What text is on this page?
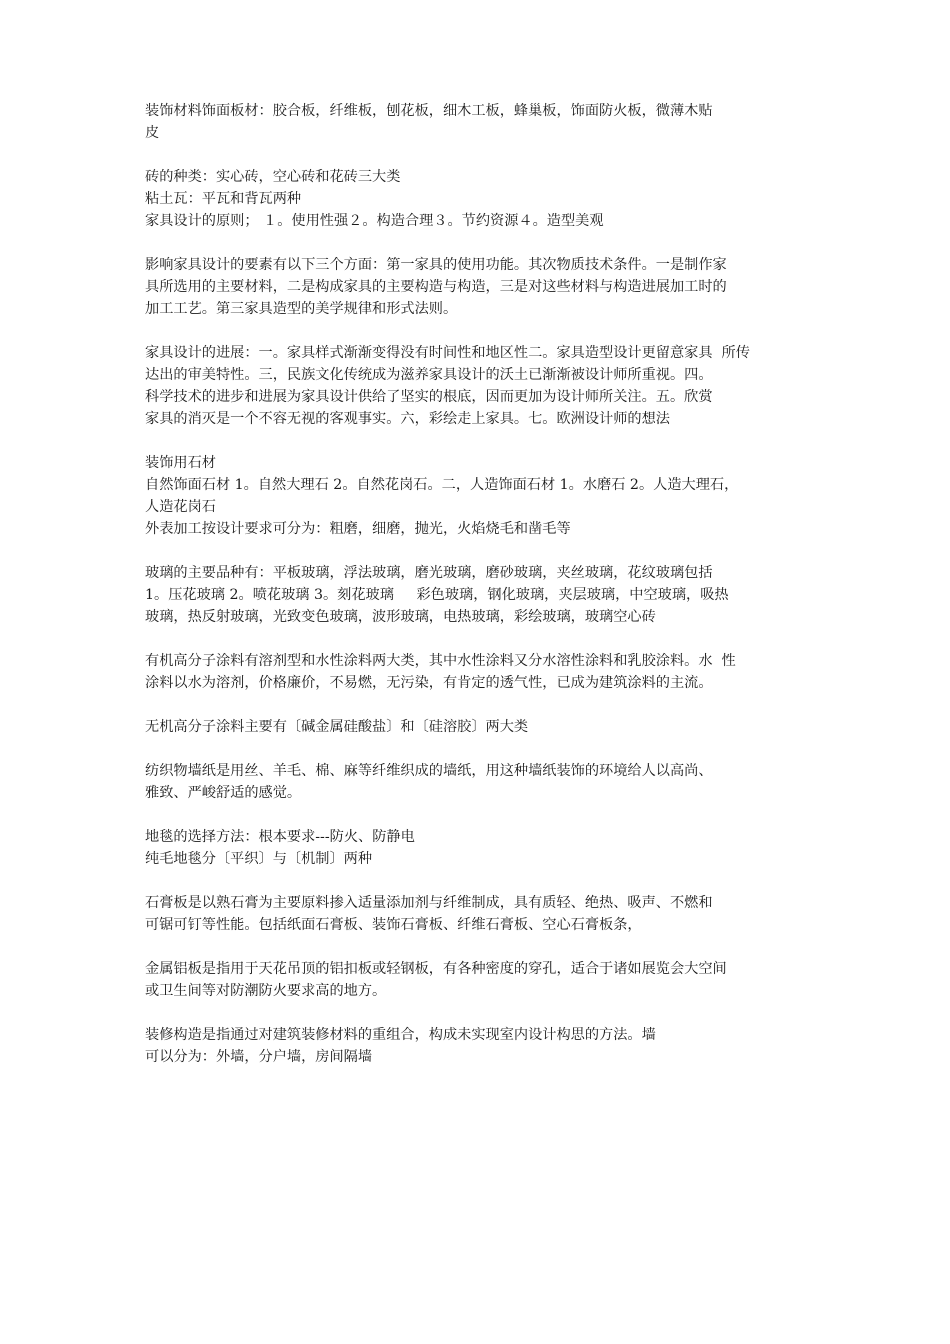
装饰材料饰面板材：胶合板，纤维板，刨花板，细木工板，蜂巢板，饰面防火板，微薄木贴
皮
砖的种类：实心砖，空心砖和花砖三大类
粘土瓦：平瓦和背瓦两种
家具设计的原则； １。使用性强２。构造合理３。节约资源４。造型美观
影响家具设计的要素有以下三个方面：第一家具的使用功能。其次物质技术条件。一是制作家
具所选用的主要材料，二是构成家具的主要构造与构造，三是对这些材料与构造进展加工时的
加工工艺。第三家具造型的美学规律和形式法则。
家具设计的进展：一。家具样式渐渐变得没有时间性和地区性二。家具造型设计更留意家具  所传
达出的审美特性。三，民族文化传统成为滋养家具设计的沃土已渐渐被设计师所重视。四。
科学技术的进步和进展为家具设计供给了坚实的根底，因而更加为设计师所关注。五。欣赏
家具的消灭是一个不容无视的客观事实。六，彩绘走上家具。七。欧洲设计师的想法
装饰用石材
自然饰面石材 1。自然大理石 2。自然花岗石。二，人造饰面石材 1。水磨石 2。人造大理石，
人造花岗石
外表加工按设计要求可分为：粗磨，细磨，抛光，火焰烧毛和凿毛等
玻璃的主要品种有：平板玻璃，浮法玻璃，磨光玻璃，磨砂玻璃，夹丝玻璃，花纹玻璃包括
1。压花玻璃 2。喷花玻璃 3。刻花玻璃     彩色玻璃，钢化玻璃，夹层玻璃，中空玻璃，吸热
玻璃，热反射玻璃，光致变色玻璃，波形玻璃，电热玻璃，彩绘玻璃，玻璃空心砖
有机高分子涂料有溶剂型和水性涂料两大类，其中水性涂料又分水溶性涂料和乳胶涂料。水  性
涂料以水为溶剂，价格廉价，不易燃，无污染，有肯定的透气性，已成为建筑涂料的主流。
无机高分子涂料主要有〔碱金属硅酸盐〕和〔硅溶胶〕两大类
纺织物墙纸是用丝、羊毛、棉、麻等纤维织成的墙纸，用这种墙纸装饰的环境给人以高尚、
雅致、严峻舒适的感觉。
地毯的选择方法：根本要求---防火、防静电
纯毛地毯分〔平织〕与〔机制〕两种
石膏板是以熟石膏为主要原料掺入适量添加剂与纤维制成，具有质轻、绝热、吸声、不燃和
可锯可钉等性能。包括纸面石膏板、装饰石膏板、纤维石膏板、空心石膏板条，
金属铝板是指用于天花吊顶的铝扣板或轻钢板，有各种密度的穿孔，适合于诸如展览会大空间
或卫生间等对防潮防火要求高的地方。
装修构造是指通过对建筑装修材料的重组合，构成未实现室内设计构思的方法。墙
可以分为：外墙，分户墙，房间隔墙
